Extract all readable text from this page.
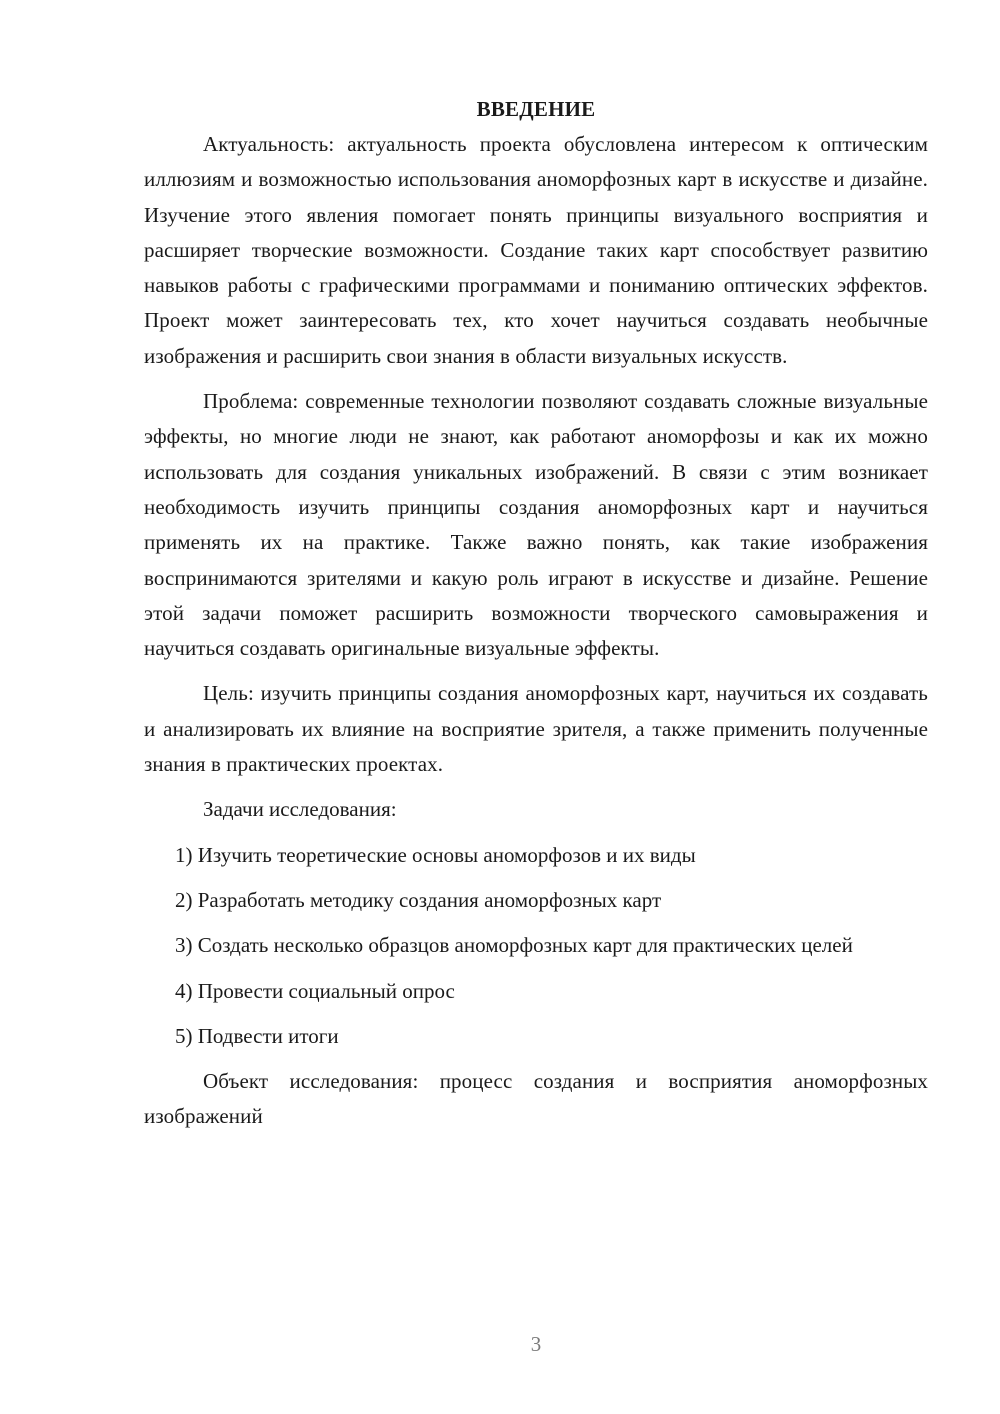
ВВЕДЕНИЕ

Актуальность: актуальность проекта обусловлена интересом к оптическим иллюзиям и возможностью использования аноморфозных карт в искусстве и дизайне. Изучение этого явления помогает понять принципы визуального восприятия и расширяет творческие возможности. Создание таких карт способствует развитию навыков работы с графическими программами и пониманию оптических эффектов. Проект может заинтересовать тех, кто хочет научиться создавать необычные изображения и расширить свои знания в области визуальных искусств.

Проблема: современные технологии позволяют создавать сложные визуальные эффекты, но многие люди не знают, как работают аноморфозы и как их можно использовать для создания уникальных изображений. В связи с этим возникает необходимость изучить принципы создания аноморфозных карт и научиться применять их на практике. Также важно понять, как такие изображения воспринимаются зрителями и какую роль играют в искусстве и дизайне. Решение этой задачи поможет расширить возможности творческого самовыражения и научиться создавать оригинальные визуальные эффекты.

Цель: изучить принципы создания аноморфозных карт, научиться их создавать и анализировать их влияние на восприятие зрителя, а также применить полученные знания в практических проектах.

Задачи исследования:

1) Изучить теоретические основы аноморфозов и их виды

2) Разработать методику создания аноморфозных карт

3) Создать несколько образцов аноморфозных карт для практических целей

4) Провести социальный опрос

5) Подвести итоги

Объект исследования: процесс создания и восприятия аноморфозных изображений

3
